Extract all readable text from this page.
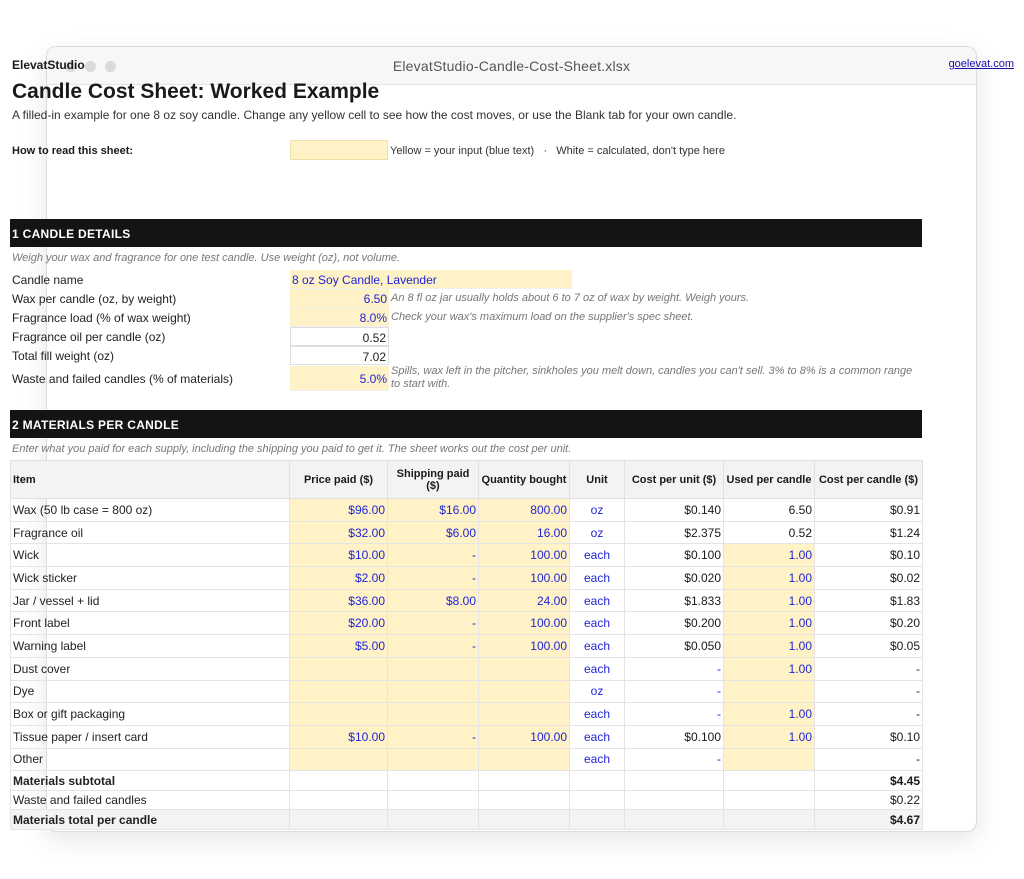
ElevatStudio-Candle-Cost-Sheet.xlsx
ElevatStudio	goelevat.com
Candle Cost Sheet: Worked Example
A filled-in example for one 8 oz soy candle. Change any yellow cell to see how the cost moves, or use the Blank tab for your own candle.
How to read this sheet:	Yellow = your input (blue text)   ·   White = calculated, don't type here
1 CANDLE DETAILS
Weigh your wax and fragrance for one test candle. Use weight (oz), not volume.
Candle name	8 oz Soy Candle, Lavender
Wax per candle (oz, by weight)	6.50 An 8 fl oz jar usually holds about 6 to 7 oz of wax by weight. Weigh yours.
Fragrance load (% of wax weight)	8.0% Check your wax's maximum load on the supplier's spec sheet.
Fragrance oil per candle (oz)	0.52
Total fill weight (oz)	7.02
Waste and failed candles (% of materials)	5.0%
Spills, wax left in the pitcher, sinkholes you melt down, candles you can't sell. 3% to 8% is a common range to start with.
2 MATERIALS PER CANDLE
Enter what you paid for each supply, including the shipping you paid to get it. The sheet works out the cost per unit.
Item	Price paid ($)	Shipping paid ($)	Quantity bought	Unit	Cost per unit ($)	Used per candle	Cost per candle ($)
Wax (50 lb case = 800 oz)	$96.00	$16.00	800.00	oz	$0.140	6.50	$0.91
Fragrance oil	$32.00	$6.00	16.00	oz	$2.375	0.52	$1.24
Wick	$10.00	-	100.00	each	$0.100	1.00	$0.10
Wick sticker	$2.00	-	100.00	each	$0.020	1.00	$0.02
Jar / vessel + lid	$36.00	$8.00	24.00	each	$1.833	1.00	$1.83
Front label	$20.00	-	100.00	each	$0.200	1.00	$0.20
Warning label	$5.00	-	100.00	each	$0.050	1.00	$0.05
Dust cover				each	-	1.00	-
Dye				oz	-		-
Box or gift packaging				each	-	1.00	-
Tissue paper / insert card	$10.00	-	100.00	each	$0.100	1.00	$0.10
Other				each	-		-
Materials subtotal							$4.45
Waste and failed candles							$0.22
Materials total per candle							$4.67
